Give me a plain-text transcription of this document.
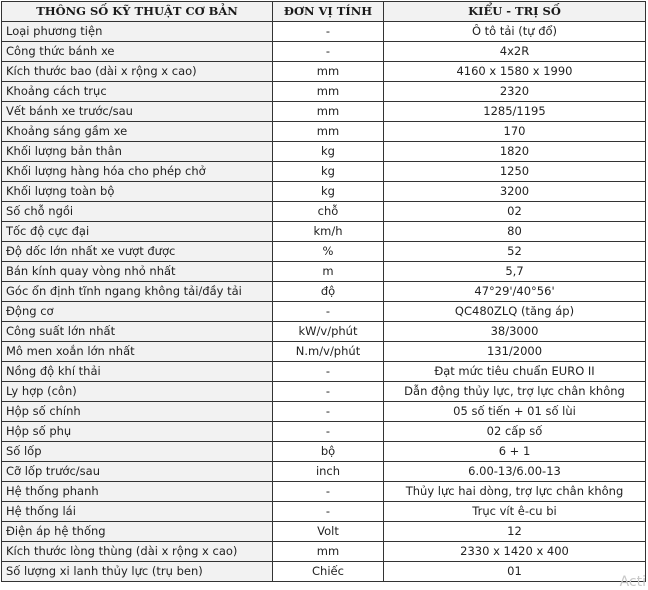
THÔNG SỐ KỸ THUẬT CƠ BẢN	ĐƠN VỊ TÍNH	KIỂU - TRỊ SỐ
Loại phương tiện	-	Ô tô tải (tự đổ)
Công thức bánh xe	-	4x2R
Kích thước bao (dài x rộng x cao)	mm	4160 x 1580 x 1990
Khoảng cách trục	mm	2320
Vết bánh xe trước/sau	mm	1285/1195
Khoảng sáng gầm xe	mm	170
Khối lượng bản thân	kg	1820
Khối lượng hàng hóa cho phép chở	kg	1250
Khối lượng toàn bộ	kg	3200
Số chỗ ngồi	chỗ	02
Tốc độ cực đại	km/h	80
Độ dốc lớn nhất xe vượt được	%	52
Bán kính quay vòng nhỏ nhất	m	5,7
Góc ổn định tĩnh ngang không tải/đầy tải	độ	47°29'/40°56'
Động cơ	-	QC480ZLQ (tăng áp)
Công suất lớn nhất	kW/v/phút	38/3000
Mô men xoắn lớn nhất	N.m/v/phút	131/2000
Nồng độ khí thải	-	Đạt mức tiêu chuẩn EURO II
Ly hợp (côn)	-	Dẫn động thủy lực, trợ lực chân không
Hộp số chính	-	05 số tiến + 01 số lùi
Hộp số phụ	-	02 cấp số
Số lốp	bộ	6 + 1
Cỡ lốp trước/sau	inch	6.00-13/6.00-13
Hệ thống phanh	-	Thủy lực hai dòng, trợ lực chân không
Hệ thống lái	-	Trục vít ê-cu bi
Điện áp hệ thống	Volt	12
Kích thước lòng thùng (dài x rộng x cao)	mm	2330 x 1420 x 400
Số lượng xi lanh thủy lực (trụ ben)	Chiếc	01
Acti
